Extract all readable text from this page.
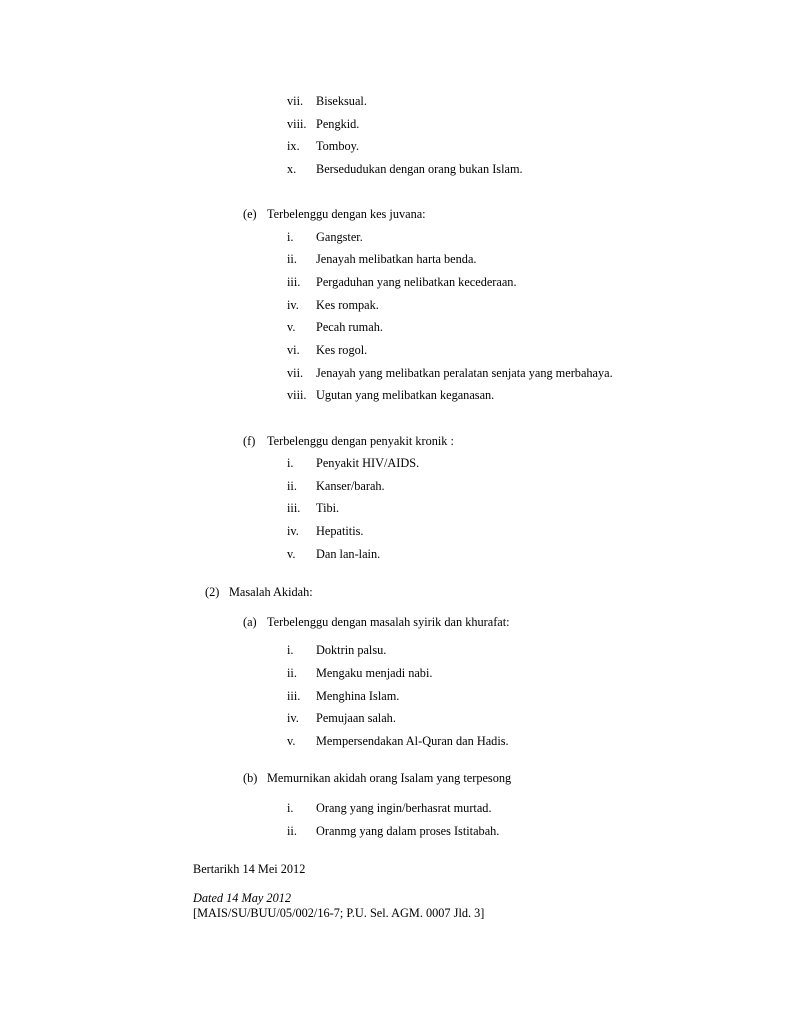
vii. Biseksual.
viii. Pengkid.
ix. Tomboy.
x. Bersedudukan dengan orang bukan Islam.
(e) Terbelenggu dengan kes juvana:
i. Gangster.
ii. Jenayah melibatkan harta benda.
iii. Pergaduhan yang nelibatkan kecederaan.
iv. Kes rompak.
v. Pecah rumah.
vi. Kes rogol.
vii. Jenayah yang melibatkan peralatan senjata yang merbahaya.
viii. Ugutan yang melibatkan keganasan.
(f) Terbelenggu dengan penyakit kronik :
i. Penyakit HIV/AIDS.
ii. Kanser/barah.
iii. Tibi.
iv. Hepatitis.
v. Dan lan-lain.
(2) Masalah Akidah:
(a) Terbelenggu dengan masalah syirik dan khurafat:
i. Doktrin palsu.
ii. Mengaku menjadi nabi.
iii. Menghina Islam.
iv. Pemujaan salah.
v. Mempersendakan Al-Quran dan Hadis.
(b) Memurnikan akidah orang Isalam yang terpesong
i. Orang yang ingin/berhasrat murtad.
ii. Oranmg yang dalam proses Istitabah.
Bertarikh 14 Mei 2012
Dated 14 May 2012
[MAIS/SU/BUU/05/002/16-7; P.U. Sel. AGM. 0007 Jld. 3]
